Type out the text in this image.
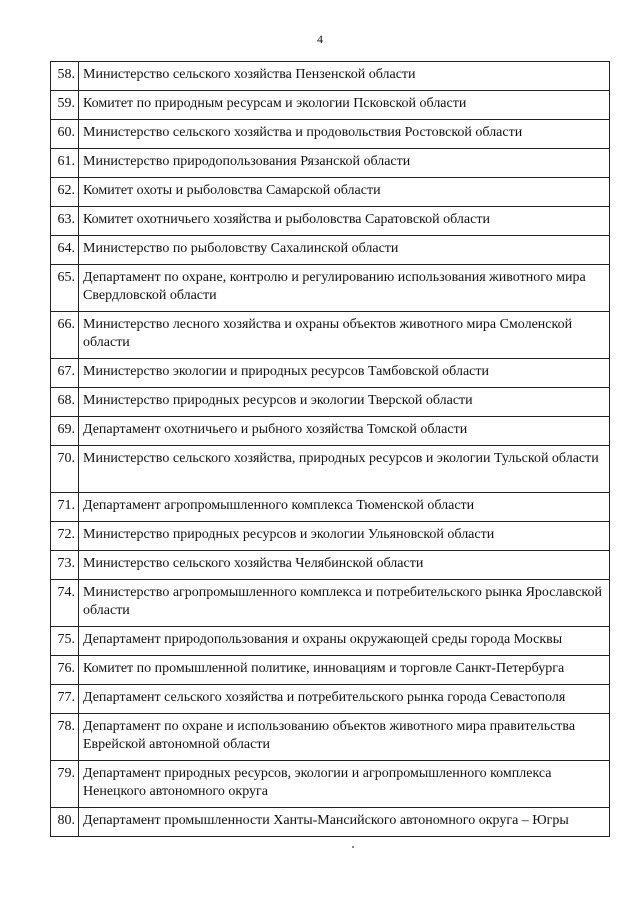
4
58.	Министерство сельского хозяйства Пензенской области
59.	Комитет по природным ресурсам и экологии Псковской области
60.	Министерство сельского хозяйства и продовольствия Ростовской области
61.	Министерство природопользования Рязанской области
62.	Комитет охоты и рыболовства Самарской области
63.	Комитет охотничьего хозяйства и рыболовства Саратовской области
64.	Министерство по рыболовству Сахалинской области
65.	Департамент по охране, контролю и регулированию использования животного мира Свердловской области
66.	Министерство лесного хозяйства и охраны объектов животного мира Смоленской области
67.	Министерство экологии и природных ресурсов Тамбовской области
68.	Министерство природных ресурсов и экологии Тверской области
69.	Департамент охотничьего и рыбного хозяйства Томской области
70.	Министерство сельского хозяйства, природных ресурсов и экологии Тульской области
71.	Департамент агропромышленного комплекса Тюменской области
72.	Министерство природных ресурсов и экологии Ульяновской области
73.	Министерство сельского хозяйства Челябинской области
74.	Министерство агропромышленного комплекса и потребительского рынка Ярославской области
75.	Департамент природопользования и охраны окружающей среды города Москвы
76.	Комитет по промышленной политике, инновациям и торговле Санкт-Петербурга
77.	Департамент сельского хозяйства и потребительского рынка города Севастополя
78.	Департамент по охране и использованию объектов животного мира правительства Еврейской автономной области
79.	Департамент природных ресурсов, экологии и агропромышленного комплекса Ненецкого автономного округа
80.	Департамент промышленности Ханты-Мансийского автономного округа – Югры
